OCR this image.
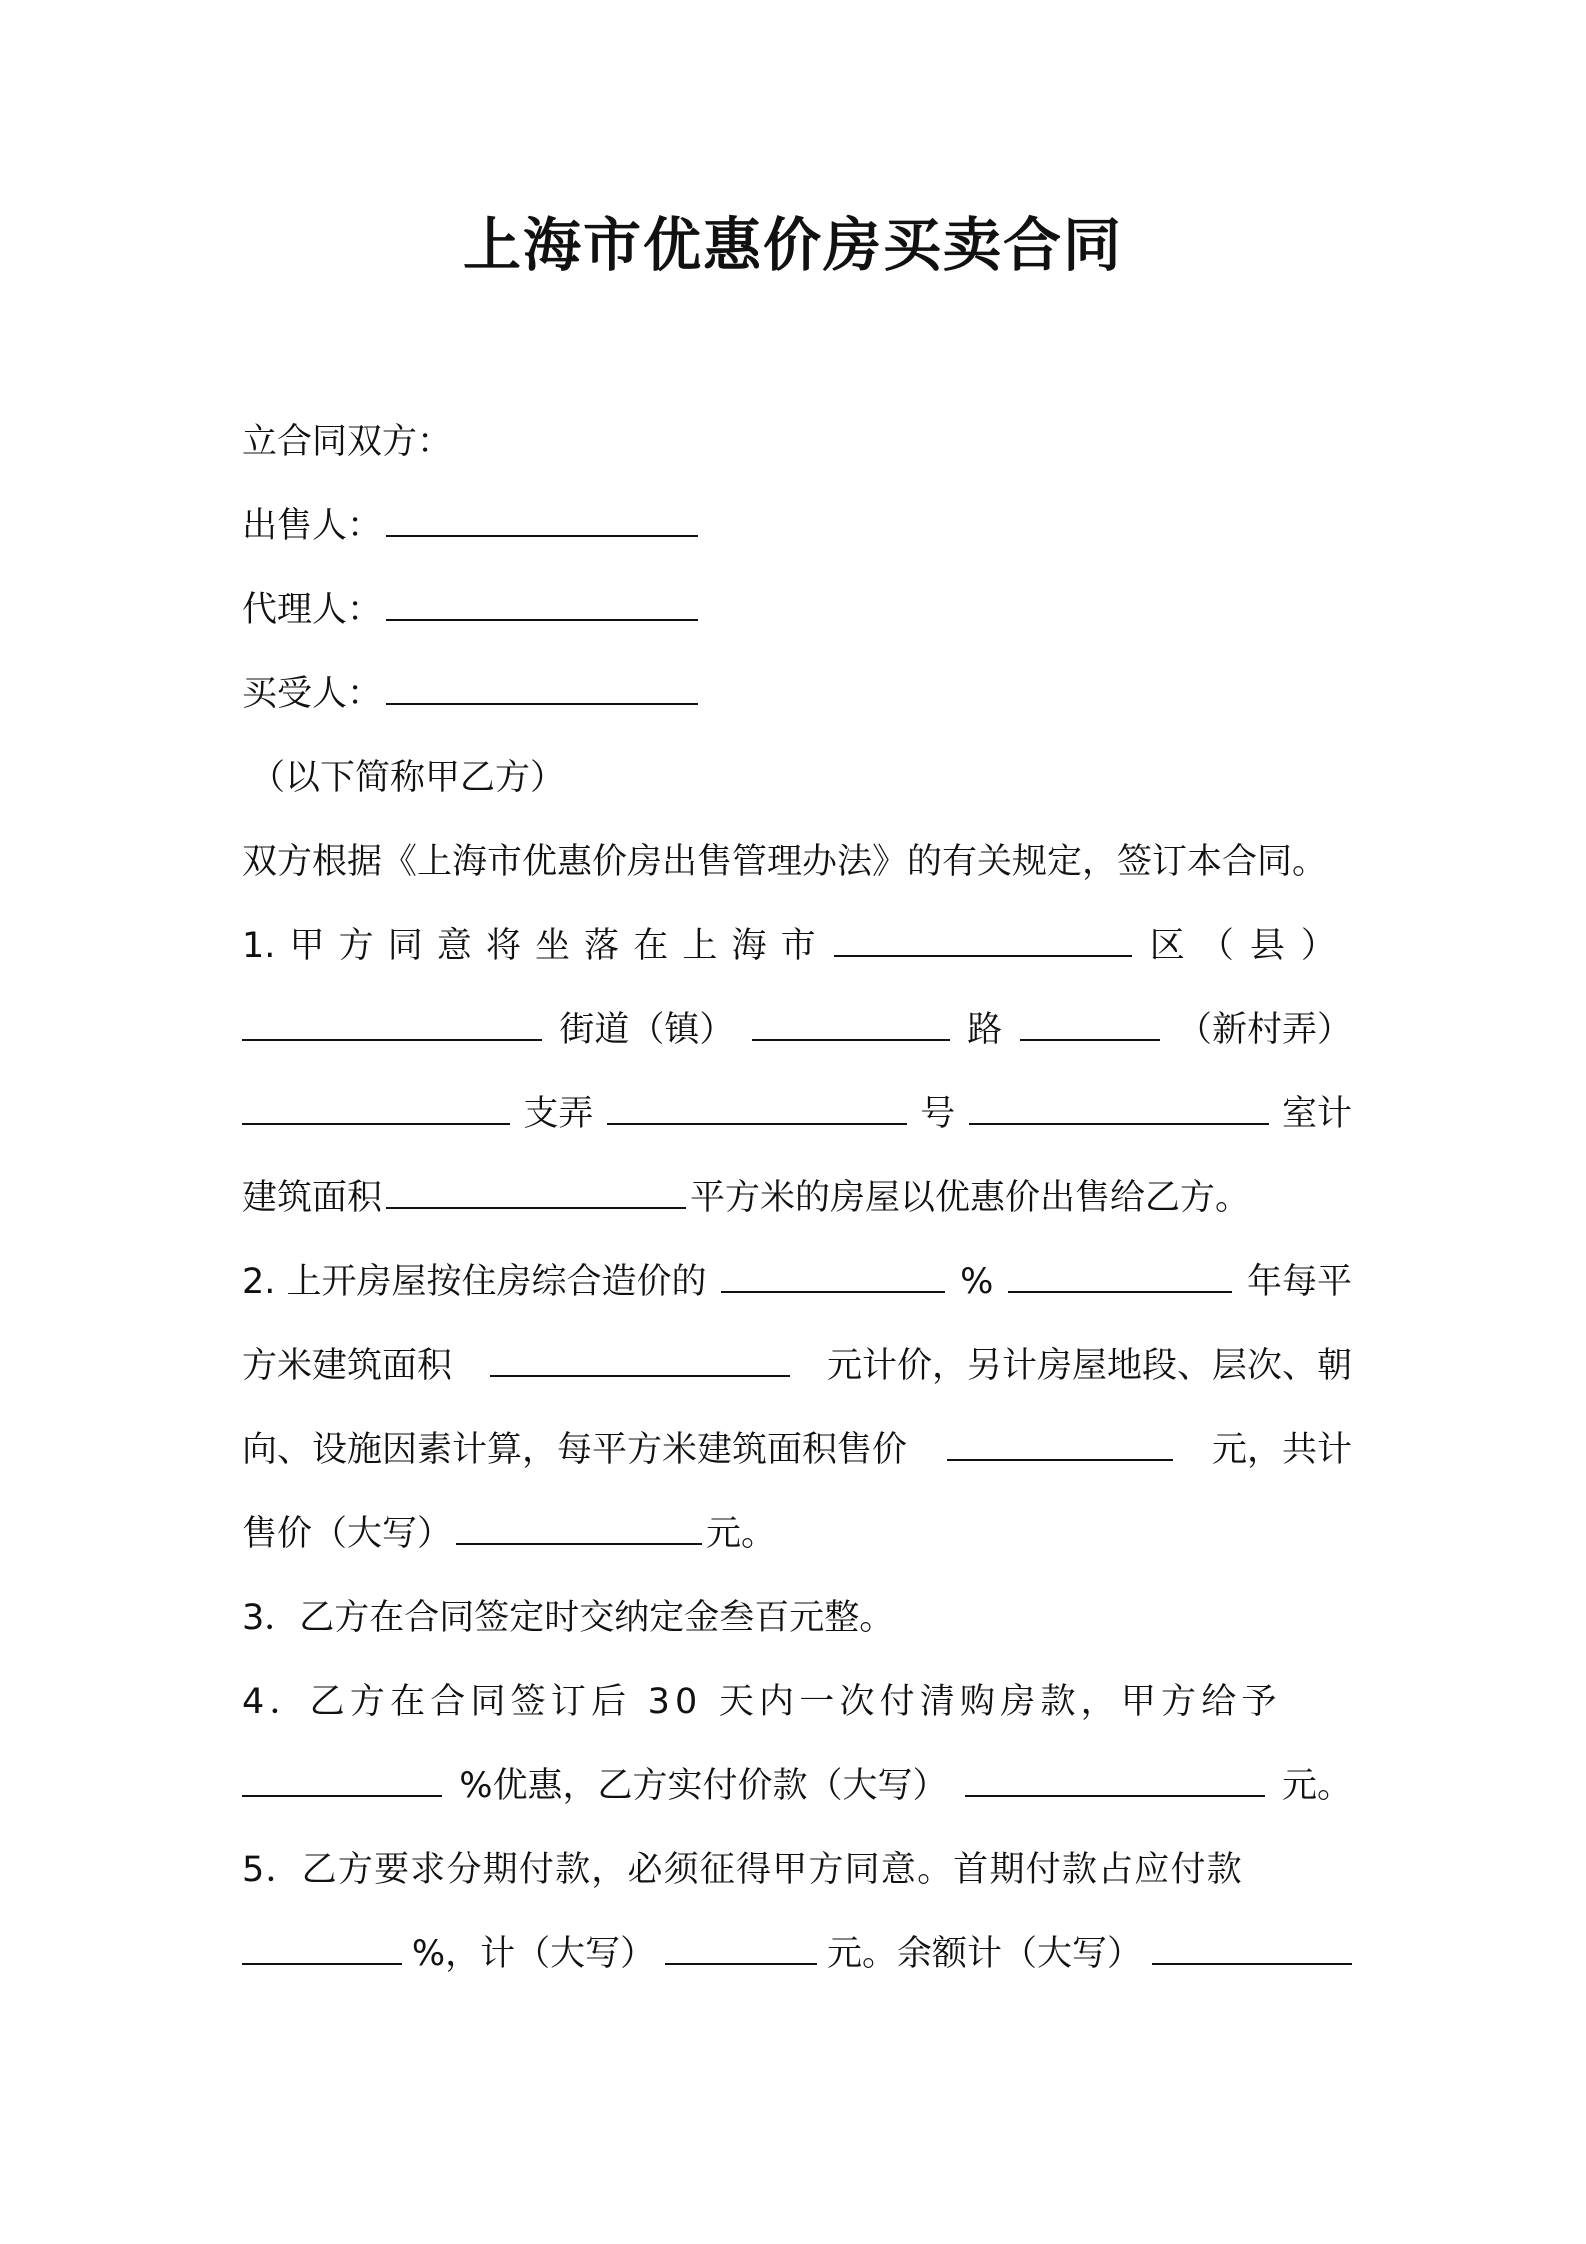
上海市优惠价房买卖合同

立合同双方：

出售人：

代理人：

买受人：

（以下简称甲乙方）

双方根据《上海市优惠价房出售管理办法》的有关规定，签订本合同。

1. 甲 方 同 意 将 坐 落 在 上 海 市	区 （县）

街道（镇）	路	（新村弄）

支弄	号	室计

建筑面积	平方米的房屋以优惠价出售给乙方。

2. 上开房屋按住房综合造价的	%	年每平

方米建筑面积	元计价，另计房屋地段、层次、朝

向、设施因素计算，每平方米建筑面积售价	元，共计

售价（大写）	元。

3．乙方在合同签定时交纳定金叁百元整。

4．乙方在合同签订后 30 天内一次付清购房款，甲方给予

%优惠，乙方实付价款（大写）	元。

5．乙方要求分期付款，必须征得甲方同意。首期付款占应付款

%，计（大写）	元。余额计（大写）
